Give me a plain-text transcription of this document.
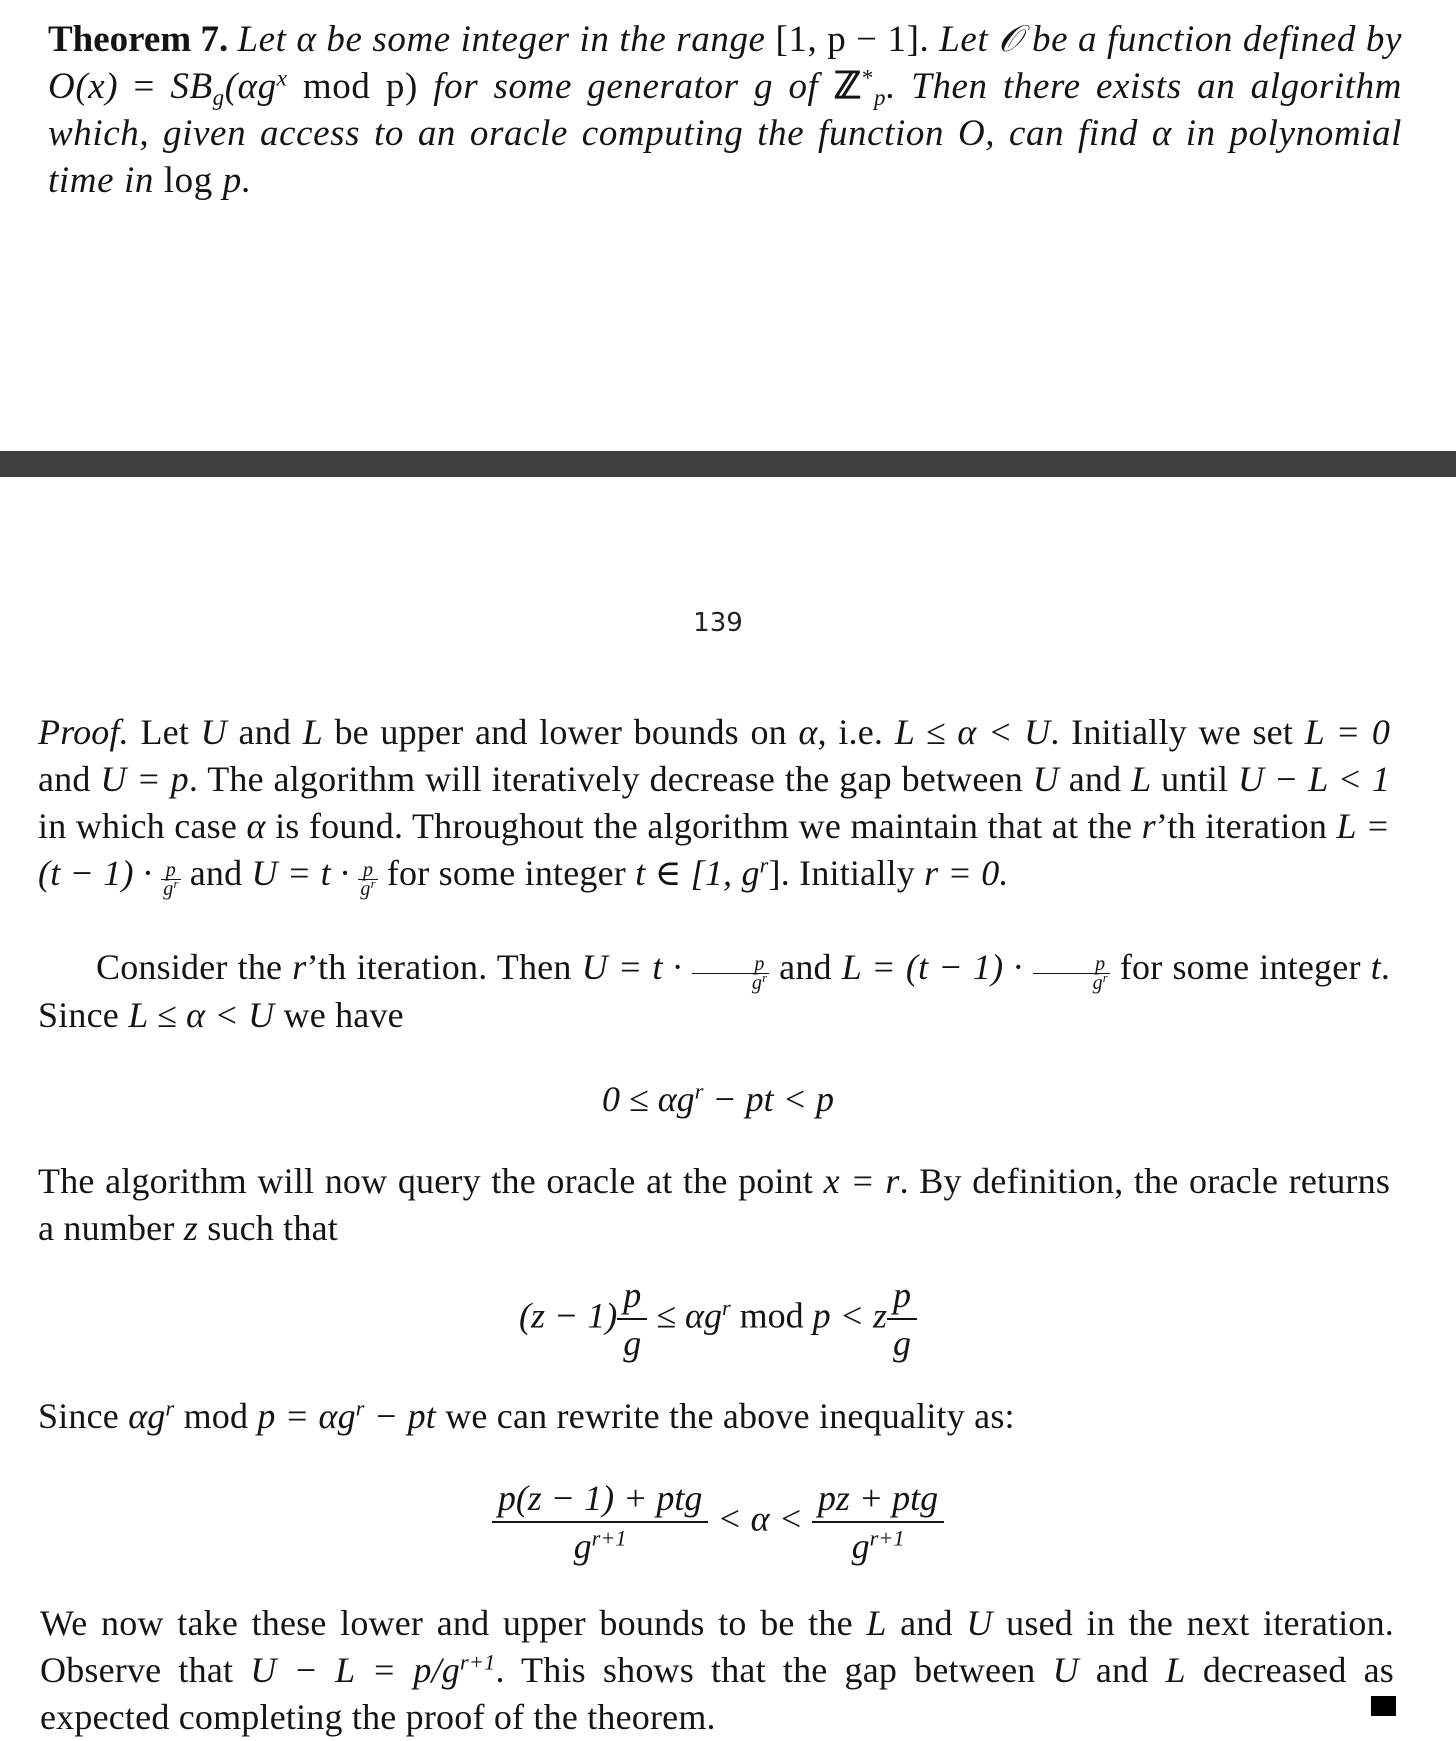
Theorem 7. Let α be some integer in the range [1, p − 1]. Let 𝒪 be a function defined by $O(x) = SB_g(\alpha g^x$ mod p) for some generator g of ℤ*$_p$. Then there exists an algorithm which, given access to an oracle computing the function O, can find α in polynomial time in log p.
139
Proof. Let U and L be upper and lower bounds on α, i.e. L ≤ α < U. Initially we set L = 0 and U = p. The algorithm will iteratively decrease the gap between U and L until U − L < 1 in which case α is found. Throughout the algorithm we maintain that at the r’th iteration $L = (t - 1) \cdot \frac{p}{g^r}$ and $U = t \cdot \frac{p}{g^r}$ for some integer t ∈ [1, $g^r$]. Initially r = 0.
Consider the r’th iteration. Then $U = t \cdot \frac{p}{g^r}$ and $L = (t - 1) \cdot \frac{p}{g^r}$ for some integer t. Since L ≤ α < U we have
$0 \le \alpha g^r$ − pt < p
The algorithm will now query the oracle at the point x = r. By definition, the oracle returns a number z such that
$(z - 1) \frac{p}{g} \le \alpha g^r$ mod p < z $\frac{p}{g}$
Since $\alpha g^r$ mod $p = \alpha g^r$ − pt we can rewrite the above inequality as:
$\frac{\text{p(z − 1) + ptg}}{g^{r+1}} < \alpha < \frac{\text{pz + ptg}}{g^{r+1}}$
We now take these lower and upper bounds to be the L and U used in the next iteration. Observe that $U - L = p/g^{r+1}$. This shows that the gap between U and L decreased as expected completing the proof of the theorem.
